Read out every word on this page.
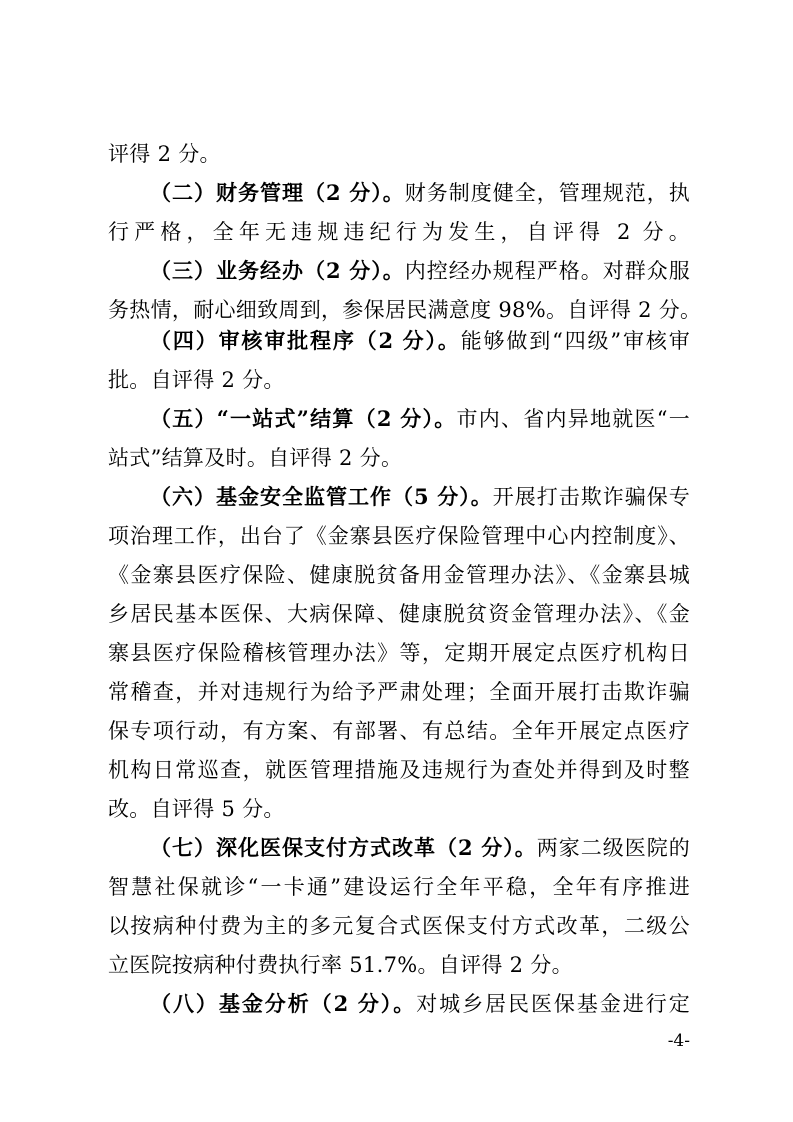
评得 2 分。
（二）财务管理（2 分）。财务制度健全，管理规范，执
行严格，全年无违规违纪行为发生，自评得 2 分。
（三）业务经办（2 分）。内控经办规程严格。对群众服
务热情，耐心细致周到，参保居民满意度 98%。自评得 2 分。
（四）审核审批程序（2 分）。能够做到“四级”审核审
批。自评得 2 分。
（五）“一站式”结算（2 分）。市内、省内异地就医“一
站式”结算及时。自评得 2 分。
（六）基金安全监管工作（5 分）。开展打击欺诈骗保专
项治理工作，出台了《金寨县医疗保险管理中心内控制度》、
《金寨县医疗保险、健康脱贫备用金管理办法》、《金寨县城
乡居民基本医保、大病保障、健康脱贫资金管理办法》、《金
寨县医疗保险稽核管理办法》等，定期开展定点医疗机构日
常稽查，并对违规行为给予严肃处理；全面开展打击欺诈骗
保专项行动，有方案、有部署、有总结。全年开展定点医疗
机构日常巡查，就医管理措施及违规行为查处并得到及时整
改。自评得 5 分。
（七）深化医保支付方式改革（2 分）。两家二级医院的
智慧社保就诊“一卡通”建设运行全年平稳，全年有序推进
以按病种付费为主的多元复合式医保支付方式改革，二级公
立医院按病种付费执行率 51.7%。自评得 2 分。
（八）基金分析（2 分）。对城乡居民医保基金进行定
-4-
